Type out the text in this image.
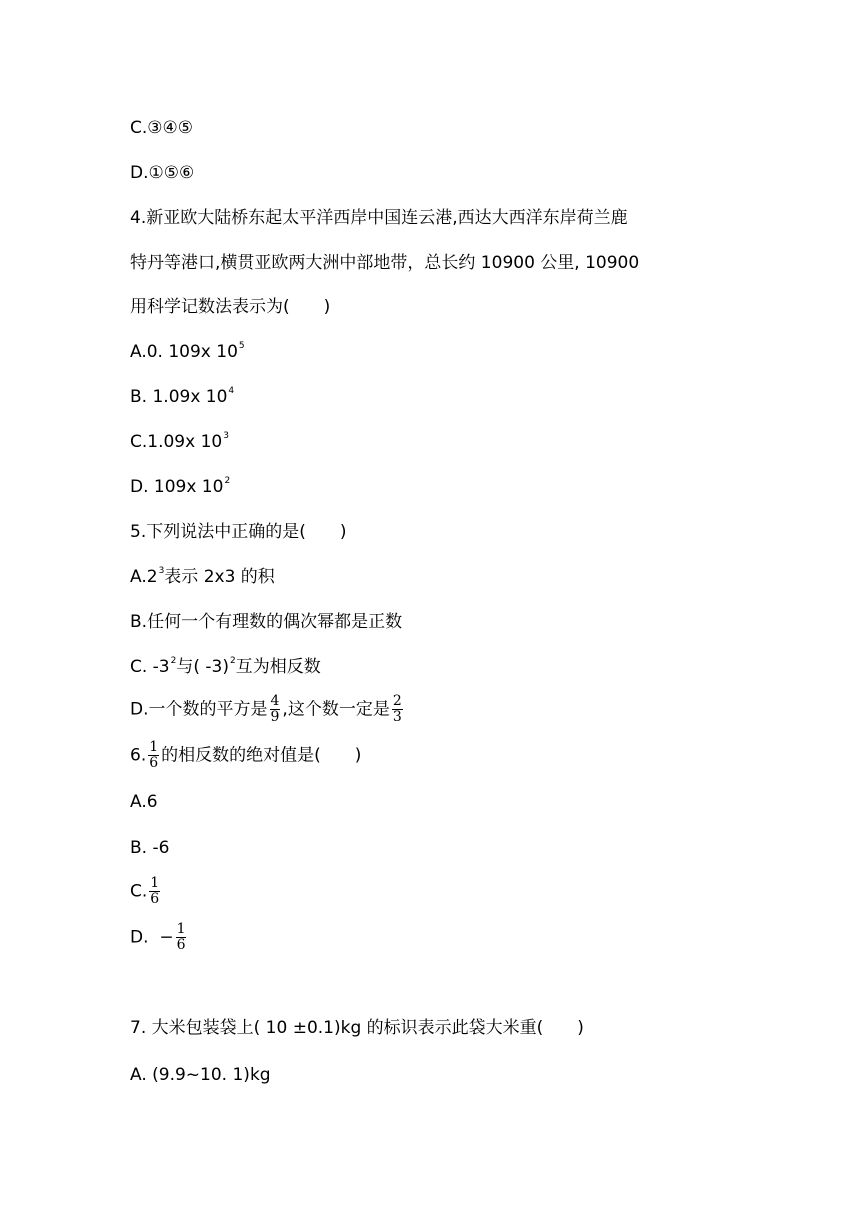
C.③④⑤
D.①⑤⑥
4.新亚欧大陆桥东起太平洋西岸中国连云港,西达大西洋东岸荷兰鹿
特丹等港口,横贯亚欧两大洲中部地带，总长约 10900 公里, 10900
用科学记数法表示为(　　)
A.0. 109x $10^5$
B. 1.09x $10^4$
C.1.09x $10^3$
D. 109x $10^2$
5.下列说法中正确的是(　　)
$A.2^3$表示 2x3 的积
B.任何一个有理数的偶次幂都是正数
C. $-3^2$与( -3)$^2$互为相反数
D.一个数的平方是 $\frac{4}{9}$ ,这个数一定是 $\frac{2}{3}$
6. $\frac{1}{6}$ 的相反数的绝对值是(　　)
A.6
B. -6
C. $\frac{1}{6}$
D.  − $\frac{1}{6}$
7. 大米包装袋上( 10 ±0.1)kg 的标识表示此袋大米重(　　)
A. (9.9~10. 1)kg
